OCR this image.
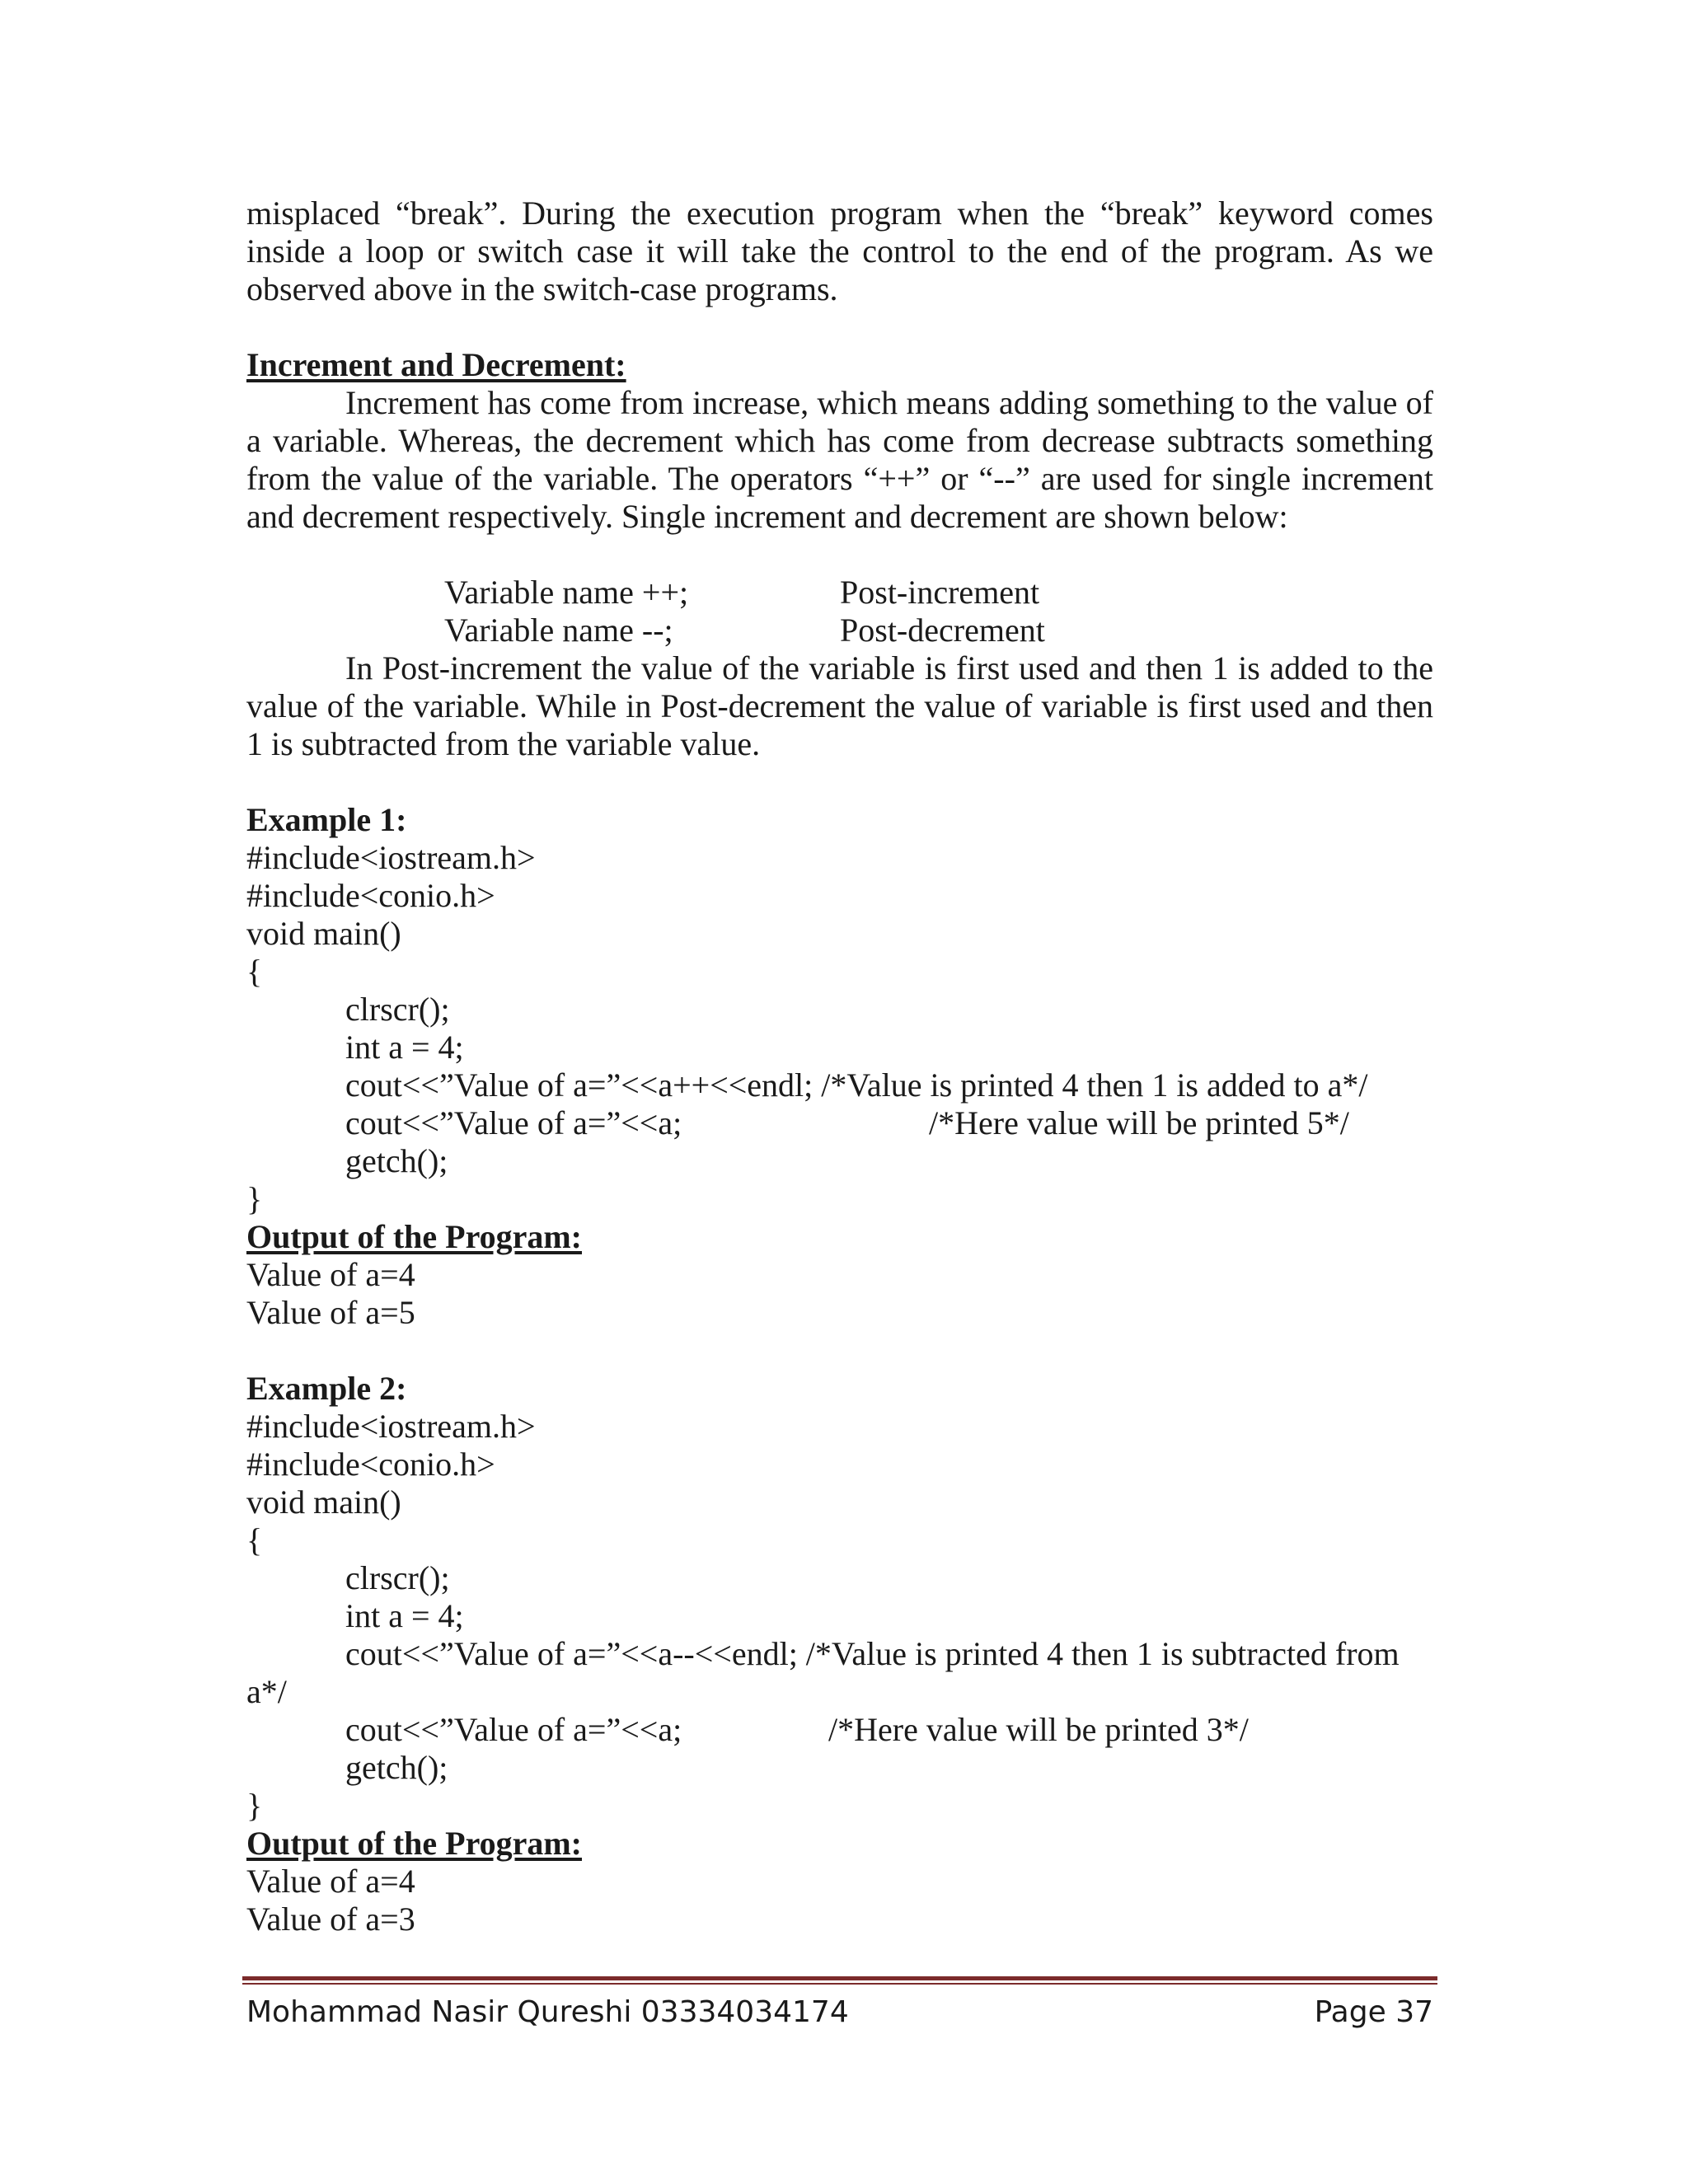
misplaced “break”. During the execution program when the “break” keyword comes inside a loop or switch case it will take the control to the end of the program. As we observed above in the switch-case programs.

Increment and Decrement:

Increment has come from increase, which means adding something to the value of a variable. Whereas, the decrement which has come from decrease subtracts something from the value of the variable. The operators “++” or “--” are used for single increment and decrement respectively. Single increment and decrement are shown below:

Variable name ++;	Post-increment
Variable name --;	Post-decrement

In Post-increment the value of the variable is first used and then 1 is added to the value of the variable. While in Post-decrement the value of variable is first used and then 1 is subtracted from the variable value.

Example 1:

#include<iostream.h>

#include<conio.h>

void main()

{

clrscr();

int a = 4;

cout<<”Value of a=”<<a++<<endl; /*Value is printed 4 then 1 is added to a*/

cout<<”Value of a=”<<a;	/*Here value will be printed 5*/

getch();

}

Output of the Program:

Value of a=4

Value of a=5

Example 2:

#include<iostream.h>

#include<conio.h>

void main()

{

clrscr();

int a = 4;

cout<<”Value of a=”<<a--<<endl; /*Value is printed 4 then 1 is subtracted from

a*/

cout<<”Value of a=”<<a;	/*Here value will be printed 3*/

getch();

}

Output of the Program:

Value of a=4

Value of a=3

Mohammad Nasir Qureshi 03334034174	Page 37
